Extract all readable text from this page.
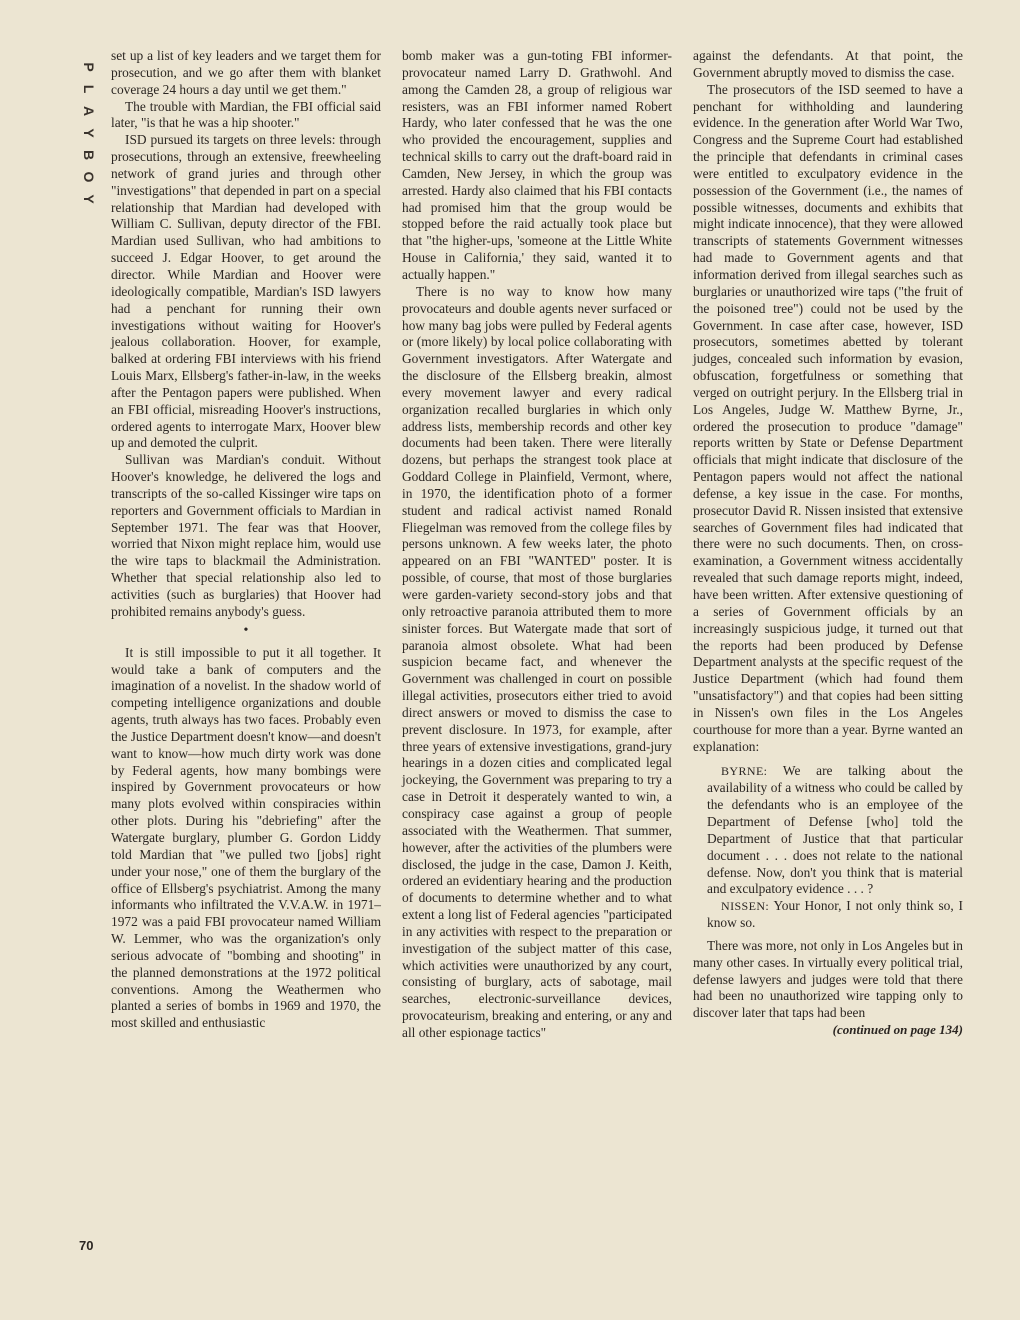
P
L
A
Y
B
O
Y
70

set up a list of key leaders and we target them for prosecution, and we go after them with blanket coverage 24 hours a day until we get them."

The trouble with Mardian, the FBI official said later, "is that he was a hip shooter."

ISD pursued its targets on three levels: through prosecutions, through an extensive, freewheeling network of grand juries and through other "investigations" that depended in part on a special relationship that Mardian had developed with William C. Sullivan, deputy director of the FBI. Mardian used Sullivan, who had ambitions to succeed J. Edgar Hoover, to get around the director. While Mardian and Hoover were ideologically compatible, Mardian's ISD lawyers had a penchant for running their own investigations without waiting for Hoover's jealous collaboration. Hoover, for example, balked at ordering FBI interviews with his friend Louis Marx, Ellsberg's father-in-law, in the weeks after the Pentagon papers were published. When an FBI official, misreading Hoover's instructions, ordered agents to interrogate Marx, Hoover blew up and demoted the culprit.

Sullivan was Mardian's conduit. Without Hoover's knowledge, he delivered the logs and transcripts of the so-called Kissinger wire taps on reporters and Government officials to Mardian in September 1971. The fear was that Hoover, worried that Nixon might replace him, would use the wire taps to blackmail the Administration. Whether that special relationship also led to activities (such as burglaries) that Hoover had prohibited remains anybody's guess.

•

It is still impossible to put it all together. It would take a bank of computers and the imagination of a novelist. In the shadow world of competing intelligence organizations and double agents, truth always has two faces. Probably even the Justice Department doesn't know—and doesn't want to know—how much dirty work was done by Federal agents, how many bombings were inspired by Government provocateurs or how many plots evolved within conspiracies within other plots. During his "debriefing" after the Watergate burglary, plumber G. Gordon Liddy told Mardian that "we pulled two [jobs] right under your nose," one of them the burglary of the office of Ellsberg's psychiatrist. Among the many informants who infiltrated the V.V.A.W. in 1971–1972 was a paid FBI provocateur named William W. Lemmer, who was the organization's only serious advocate of "bombing and shooting" in the planned demonstrations at the 1972 political conventions. Among the Weathermen who planted a series of bombs in 1969 and 1970, the most skilled and enthusiastic

bomb maker was a gun-toting FBI informer-provocateur named Larry D. Grathwohl. And among the Camden 28, a group of religious war resisters, was an FBI informer named Robert Hardy, who later confessed that he was the one who provided the encouragement, supplies and technical skills to carry out the draft-board raid in Camden, New Jersey, in which the group was arrested. Hardy also claimed that his FBI contacts had promised him that the group would be stopped before the raid actually took place but that "the higher-ups, 'someone at the Little White House in California,' they said, wanted it to actually happen."

There is no way to know how many provocateurs and double agents never surfaced or how many bag jobs were pulled by Federal agents or (more likely) by local police collaborating with Government investigators. After Watergate and the disclosure of the Ellsberg breakin, almost every movement lawyer and every radical organization recalled burglaries in which only address lists, membership records and other key documents had been taken. There were literally dozens, but perhaps the strangest took place at Goddard College in Plainfield, Vermont, where, in 1970, the identification photo of a former student and radical activist named Ronald Fliegelman was removed from the college files by persons unknown. A few weeks later, the photo appeared on an FBI "WANTED" poster. It is possible, of course, that most of those burglaries were garden-variety second-story jobs and that only retroactive paranoia attributed them to more sinister forces. But Watergate made that sort of paranoia almost obsolete. What had been suspicion became fact, and whenever the Government was challenged in court on possible illegal activities, prosecutors either tried to avoid direct answers or moved to dismiss the case to prevent disclosure. In 1973, for example, after three years of extensive investigations, grand-jury hearings in a dozen cities and complicated legal jockeying, the Government was preparing to try a case in Detroit it desperately wanted to win, a conspiracy case against a group of people associated with the Weathermen. That summer, however, after the activities of the plumbers were disclosed, the judge in the case, Damon J. Keith, ordered an evidentiary hearing and the production of documents to determine whether and to what extent a long list of Federal agencies "participated in any activities with respect to the preparation or investigation of the subject matter of this case, which activities were unauthorized by any court, consisting of burglary, acts of sabotage, mail searches, electronic-surveillance devices, provocateurism, breaking and entering, or any and all other espionage tactics"

against the defendants. At that point, the Government abruptly moved to dismiss the case.

The prosecutors of the ISD seemed to have a penchant for withholding and laundering evidence. In the generation after World War Two, Congress and the Supreme Court had established the principle that defendants in criminal cases were entitled to exculpatory evidence in the possession of the Government (i.e., the names of possible witnesses, documents and exhibits that might indicate innocence), that they were allowed transcripts of statements Government witnesses had made to Government agents and that information derived from illegal searches such as burglaries or unauthorized wire taps ("the fruit of the poisoned tree") could not be used by the Government. In case after case, however, ISD prosecutors, sometimes abetted by tolerant judges, concealed such information by evasion, obfuscation, forgetfulness or something that verged on outright perjury. In the Ellsberg trial in Los Angeles, Judge W. Matthew Byrne, Jr., ordered the prosecution to produce "damage" reports written by State or Defense Department officials that might indicate that disclosure of the Pentagon papers would not affect the national defense, a key issue in the case. For months, prosecutor David R. Nissen insisted that extensive searches of Government files had indicated that there were no such documents. Then, on cross-examination, a Government witness accidentally revealed that such damage reports might, indeed, have been written. After extensive questioning of a series of Government officials by an increasingly suspicious judge, it turned out that the reports had been produced by Defense Department analysts at the specific request of the Justice Department (which had found them "unsatisfactory") and that copies had been sitting in Nissen's own files in the Los Angeles courthouse for more than a year. Byrne wanted an explanation:

BYRNE: We are talking about the availability of a witness who could be called by the defendants who is an employee of the Department of Defense [who] told the Department of Justice that that particular document . . . does not relate to the national defense. Now, don't you think that is material and exculpatory evidence . . . ?

NISSEN: Your Honor, I not only think so, I know so.

There was more, not only in Los Angeles but in many other cases. In virtually every political trial, defense lawyers and judges were told that there had been no unauthorized wire tapping only to discover later that taps had been

(continued on page 134)
